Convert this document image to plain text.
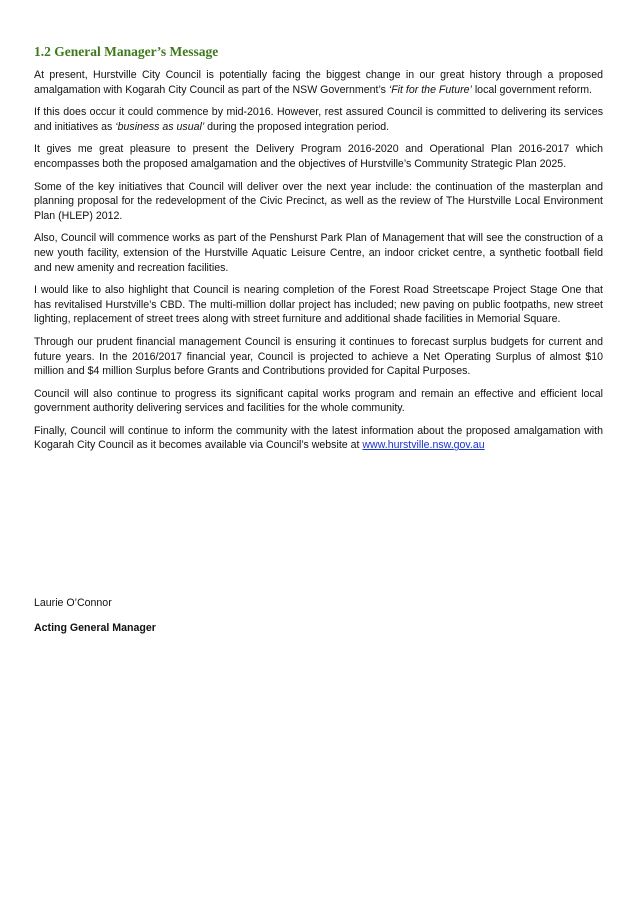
1.2 General Manager’s Message

At present, Hurstville City Council is potentially facing the biggest change in our great history through a proposed amalgamation with Kogarah City Council as part of the NSW Government’s ‘Fit for the Future’ local government reform.

If this does occur it could commence by mid-2016. However, rest assured Council is committed to delivering its services and initiatives as ‘business as usual’ during the proposed integration period.

It gives me great pleasure to present the Delivery Program 2016-2020 and Operational Plan 2016-2017 which encompasses both the proposed amalgamation and the objectives of Hurstville’s Community Strategic Plan 2025.

Some of the key initiatives that Council will deliver over the next year include: the continuation of the masterplan and planning proposal for the redevelopment of the Civic Precinct, as well as the review of The Hurstville Local Environment Plan (HLEP) 2012.

Also, Council will commence works as part of the Penshurst Park Plan of Management that will see the construction of a new youth facility, extension of the Hurstville Aquatic Leisure Centre, an indoor cricket centre, a synthetic football field and new amenity and recreation facilities.

I would like to also highlight that Council is nearing completion of the Forest Road Streetscape Project Stage One that has revitalised Hurstville’s CBD. The multi-million dollar project has included; new paving on public footpaths, new street lighting, replacement of street trees along with street furniture and additional shade facilities in Memorial Square.

Through our prudent financial management Council is ensuring it continues to forecast surplus budgets for current and future years. In the 2016/2017 financial year, Council is projected to achieve a Net Operating Surplus of almost $10 million and $4 million Surplus before Grants and Contributions provided for Capital Purposes.

Council will also continue to progress its significant capital works program and remain an effective and efficient local government authority delivering services and facilities for the whole community.

Finally, Council will continue to inform the community with the latest information about the proposed amalgamation with Kogarah City Council as it becomes available via Council’s website at www.hurstville.nsw.gov.au

Laurie O’Connor

Acting General Manager
